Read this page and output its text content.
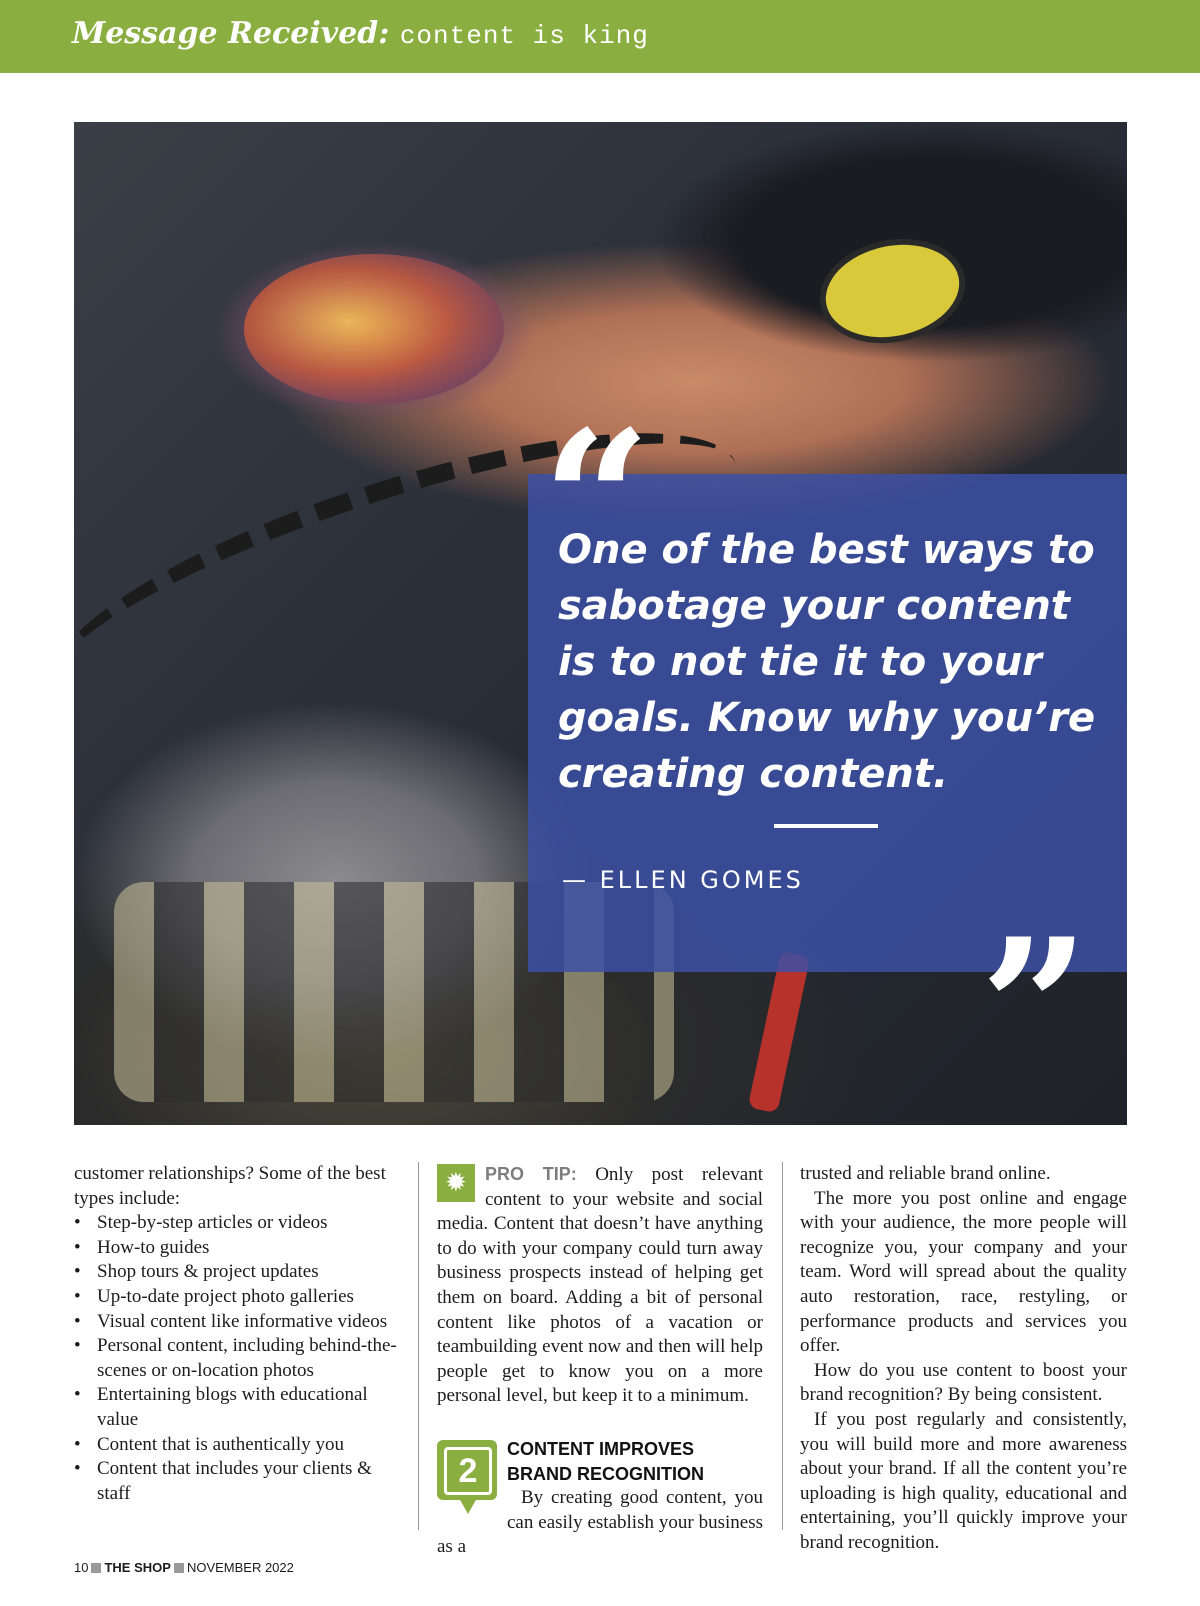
Message Received: content is king
“
One of the best ways to sabotage your content is to not tie it to your goals. Know why you’re creating content.
— ELLEN GOMES
”

customer relationships? Some of the best types include:

• Step-by-step articles or videos
• How-to guides
• Shop tours & project updates
• Up-to-date project photo galleries
• Visual content like informative videos
• Personal content, including behind-the-scenes or on-location photos
• Entertaining blogs with educational value
• Content that is authentically you
• Content that includes your clients & staff

✹ PRO TIP: Only post relevant content to your website and social media. Content that doesn’t have anything to do with your company could turn away business prospects instead of helping get them on board. Adding a bit of personal content like photos of a vacation or teambuilding event now and then will help people get to know you on a more personal level, but keep it to a minimum.

2
CONTENT IMPROVES BRAND RECOGNITION

By creating good content, you can easily establish your business as a

trusted and reliable brand online.

The more you post online and engage with your audience, the more people will recognize you, your company and your team. Word will spread about the quality auto restoration, race, restyling, or performance products and services you offer.

How do you use content to boost your brand recognition? By being consistent.

If you post regularly and consistently, you will build more and more awareness about your brand. If all the content you’re uploading is high quality, educational and entertaining, you’ll quickly improve your brand recognition.

10 THE SHOP NOVEMBER 2022
